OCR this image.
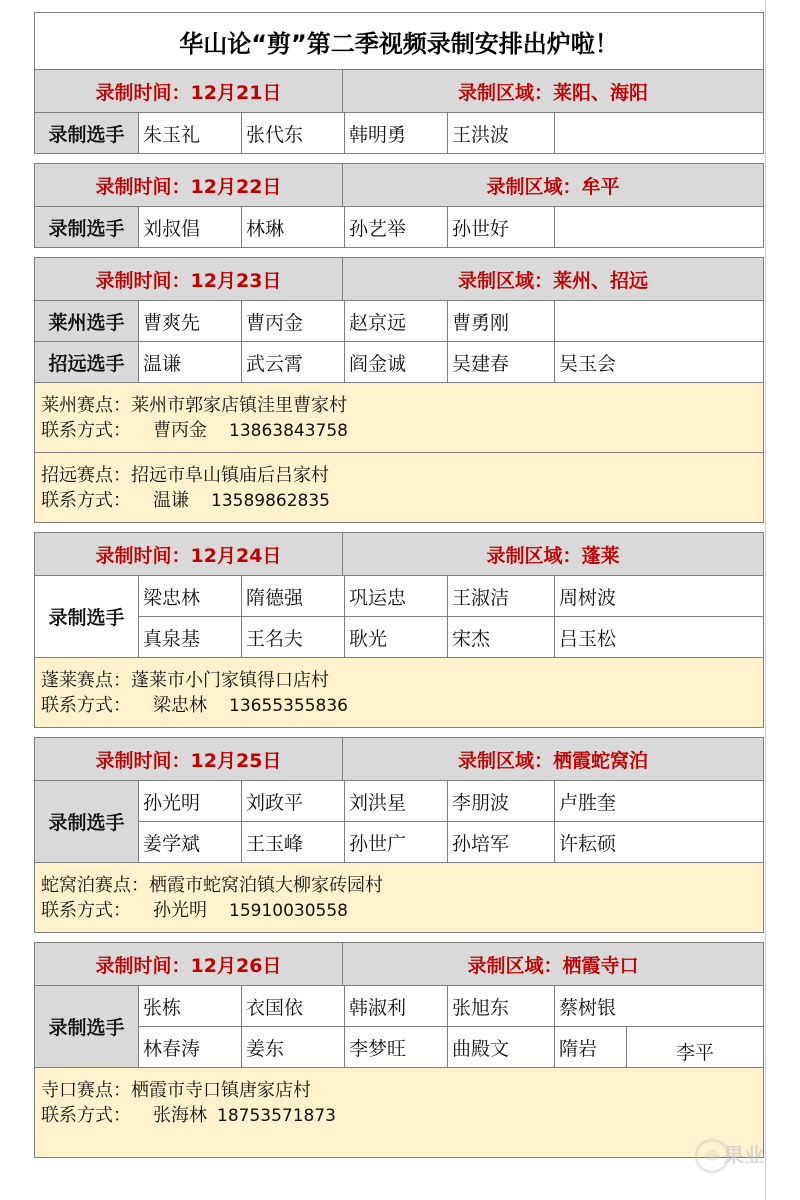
华山论“剪”第二季视频录制安排出炉啦！
录制时间：12月21日	录制区域：莱阳、海阳
录制选手 朱玉礼	张代东	韩明勇	王洪波
录制时间：12月22日	录制区域：牟平
录制选手 刘叔倡	林琳	孙艺举	孙世好
录制时间：12月23日	录制区域：莱州、招远
莱州选手 曹爽先	曹丙金	赵京远	曹勇刚
招远选手 温谦	武云霄	阎金诚	吴建春	吴玉会
莱州赛点：莱州市郭家店镇洼里曹家村
联系方式： 曹丙金 13863843758
招远赛点：招远市阜山镇庙后吕家村
联系方式： 温谦 13589862835
录制时间：12月24日	录制区域：蓬莱
录制选手
梁忠林	隋德强	巩运忠	王淑洁	周树波
真泉基	王名夫	耿光	宋杰	吕玉松
蓬莱赛点：蓬莱市小门家镇得口店村
联系方式： 梁忠林 13655355836
录制时间：12月25日	录制区域：栖霞蛇窝泊
录制选手
孙光明	刘政平	刘洪星	李朋波	卢胜奎
姜学斌	王玉峰	孙世广	孙培军	许耘硕
蛇窝泊赛点：栖霞市蛇窝泊镇大柳家砖园村
联系方式： 孙光明 15910030558
录制时间：12月26日	录制区域：栖霞寺口
录制选手
张栋	衣国依	韩淑利	张旭东	蔡树银
林春涛	姜东	李梦旺	曲殿文	隋岩	李平
寺口赛点：栖霞市寺口镇唐家店村
联系方式： 张海林 18753571873
果业
